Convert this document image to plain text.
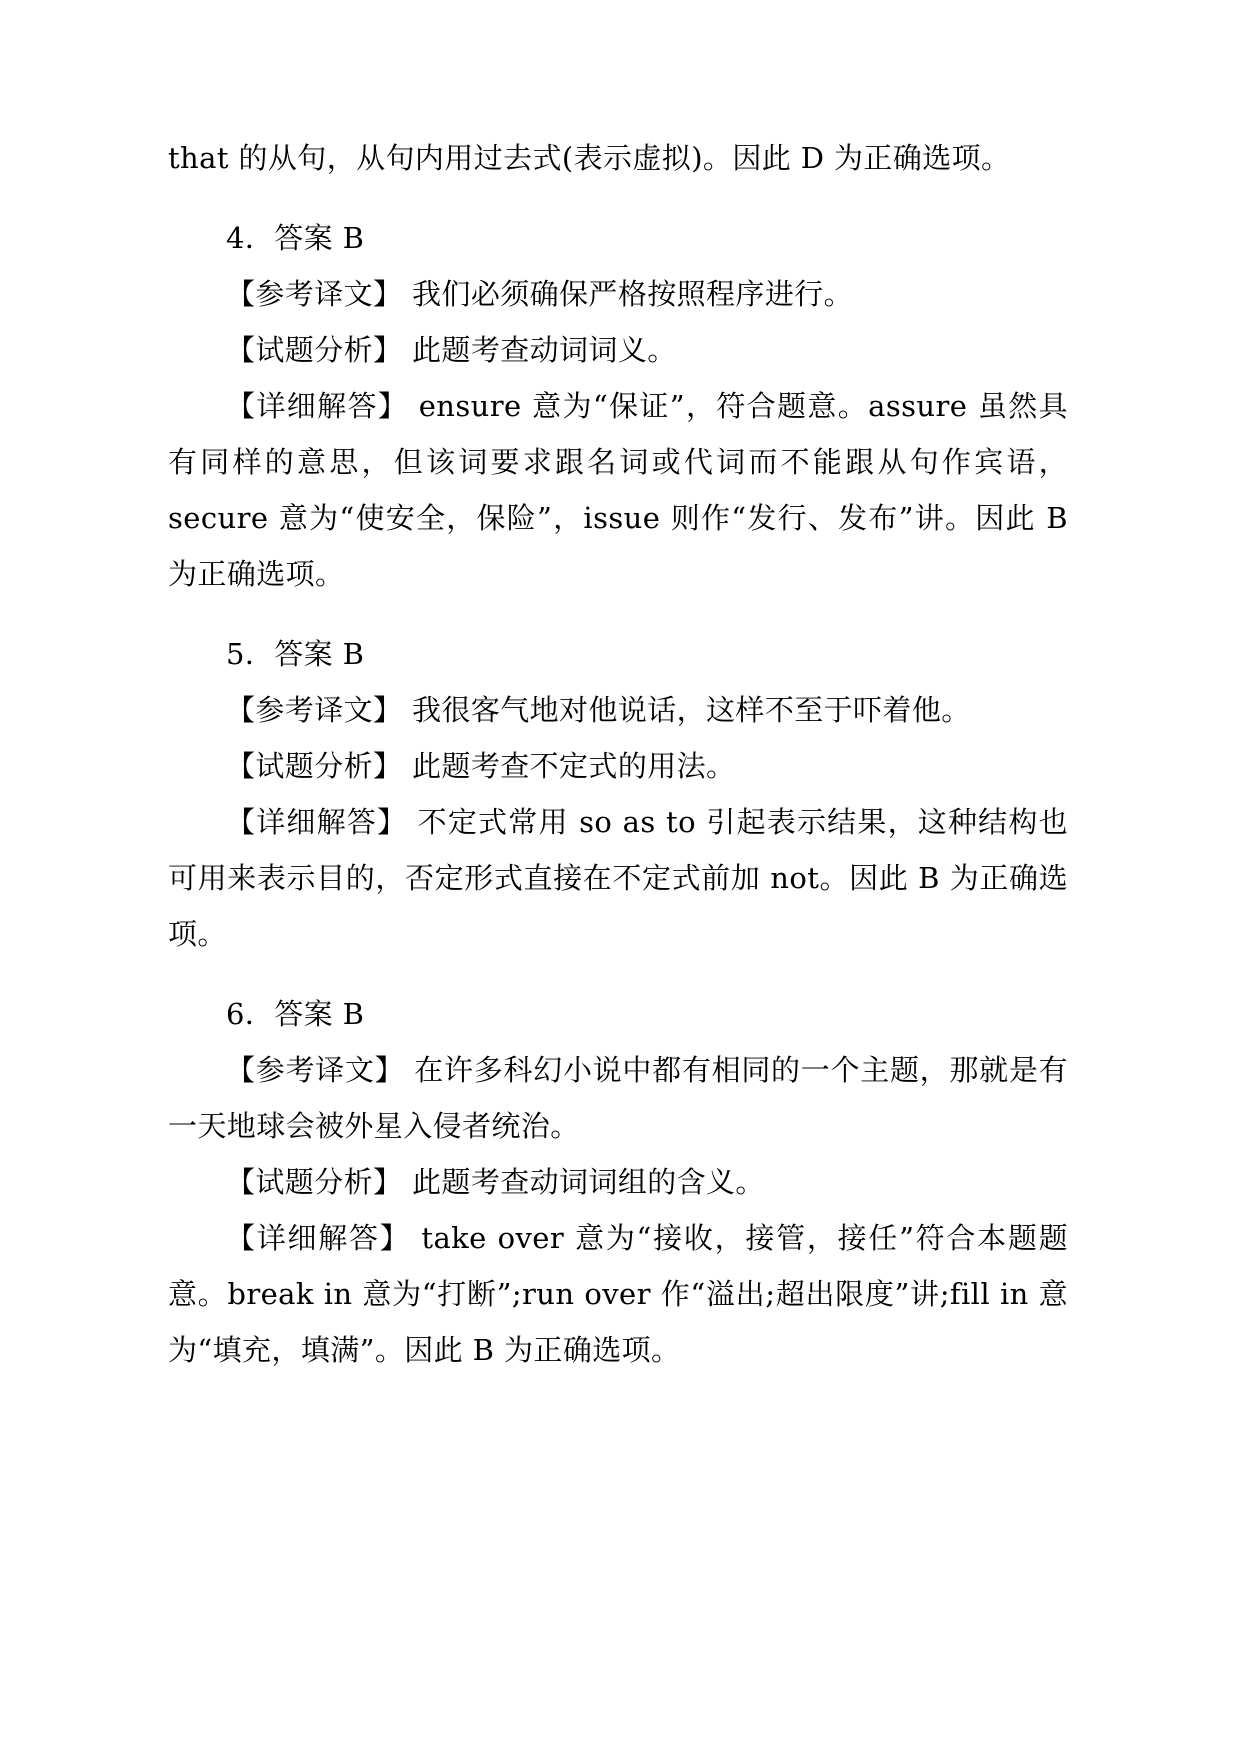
that 的从句，从句内用过去式(表示虚拟)。因此 D 为正确选项。

4．答案 B

【参考译文】 我们必须确保严格按照程序进行。

【试题分析】 此题考查动词词义。

【详细解答】 ensure 意为“保证”，符合题意。assure 虽然具有同样的意思，但该词要求跟名词或代词而不能跟从句作宾语，secure 意为“使安全，保险”，issue 则作“发行、发布”讲。因此 B 为正确选项。

5．答案 B

【参考译文】 我很客气地对他说话，这样不至于吓着他。

【试题分析】 此题考查不定式的用法。

【详细解答】 不定式常用 so as to 引起表示结果，这种结构也可用来表示目的，否定形式直接在不定式前加 not。因此 B 为正确选项。

6．答案 B

【参考译文】 在许多科幻小说中都有相同的一个主题，那就是有一天地球会被外星入侵者统治。

【试题分析】 此题考查动词词组的含义。

【详细解答】 take over 意为“接收，接管，接任”符合本题题意。break in 意为“打断”;run over 作“溢出;超出限度”讲;fill in 意为“填充，填满”。因此 B 为正确选项。
